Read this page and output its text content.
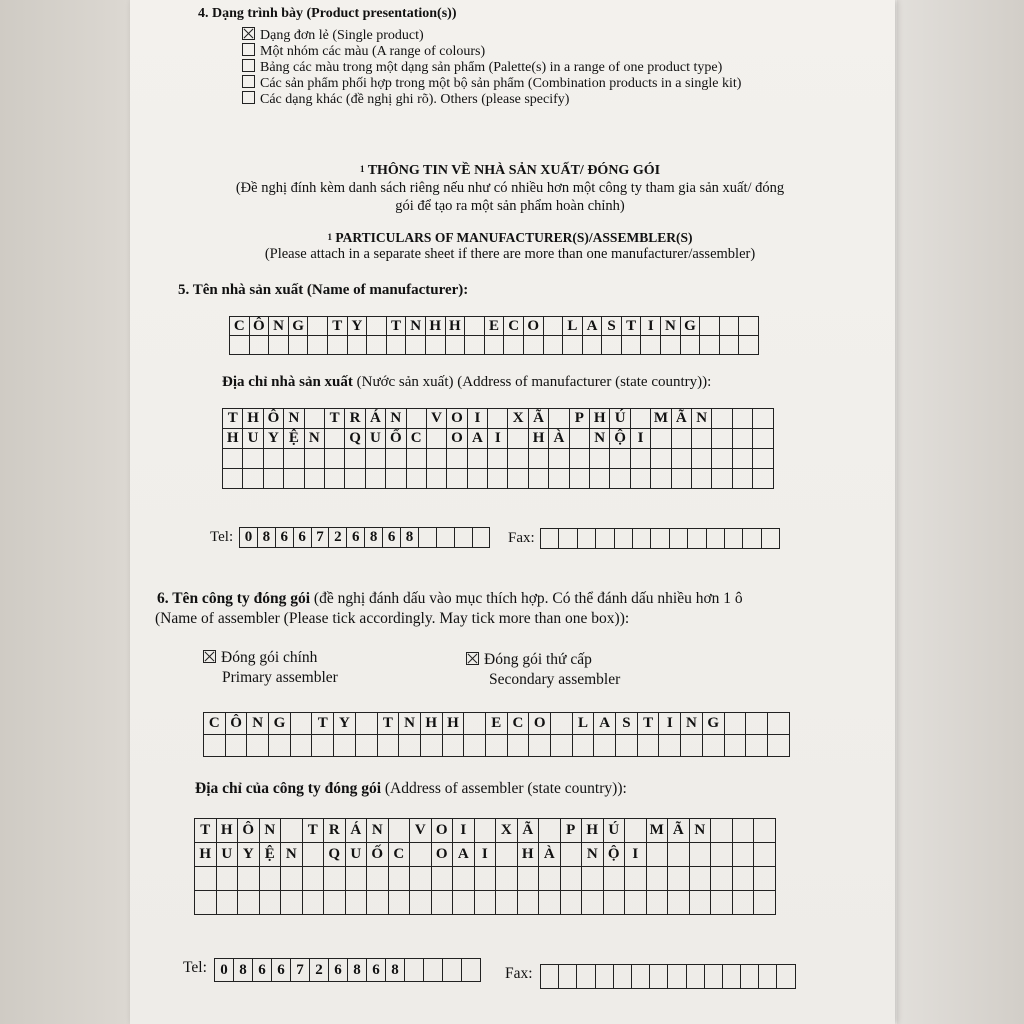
4. Dạng trình bày (Product presentation(s))
Dạng đơn lẻ (Single product)
Một nhóm các màu (A range of colours)
Bảng các màu trong một dạng sản phẩm (Palette(s) in a range of one product type)
Các sản phẩm phối hợp trong một bộ sản phẩm (Combination products in a single kit)
Các dạng khác (đề nghị ghi rõ). Others (please specify)
$^1$ THÔNG TIN VỀ NHÀ SẢN XUẤT/ ĐÓNG GÓI
(Đề nghị đính kèm danh sách riêng nếu như có nhiều hơn một công ty tham gia sản xuất/ đóng
gói để tạo ra một sản phẩm hoàn chỉnh)
$^1$ PARTICULARS OF MANUFACTURER(S)/ASSEMBLER(S)
(Please attach in a separate sheet if there are more than one manufacturer/assembler)
5. Tên nhà sản xuất (Name of manufacturer):
C Ô N G T Y	T N H H E C O L A S T I N G
Địa chỉ nhà sản xuất (Nước sản xuất) (Address of manufacturer (state country)):
T H Ô N	T R Á N	V O I	X Ã	P H Ú	M Ã N
H U Y Ệ N	Q U Ố C	O A I	H À	N Ộ I
Tel: 0 8 6 6 7 2 6 8 6 8	Fax:
6. Tên công ty đóng gói (đề nghị đánh dấu vào mục thích hợp. Có thể đánh dấu nhiều hơn 1 ô
(Name of assembler (Please tick accordingly. May tick more than one box)):
Đóng gói chính
Primary assembler
Đóng gói thứ cấp
Secondary assembler
C Ô N G	T Y	T N H H	E C O	L A S T I N G
Địa chỉ của công ty đóng gói (Address of assembler (state country)):
T H Ô N	T R Á N	V O I	X Ã	P H Ú	M Ã N
H U Y Ệ N	Q U Ố C	O A I	H À	N Ộ I
Tel: 0 8 6 6 7 2 6 8 6 8	Fax:
